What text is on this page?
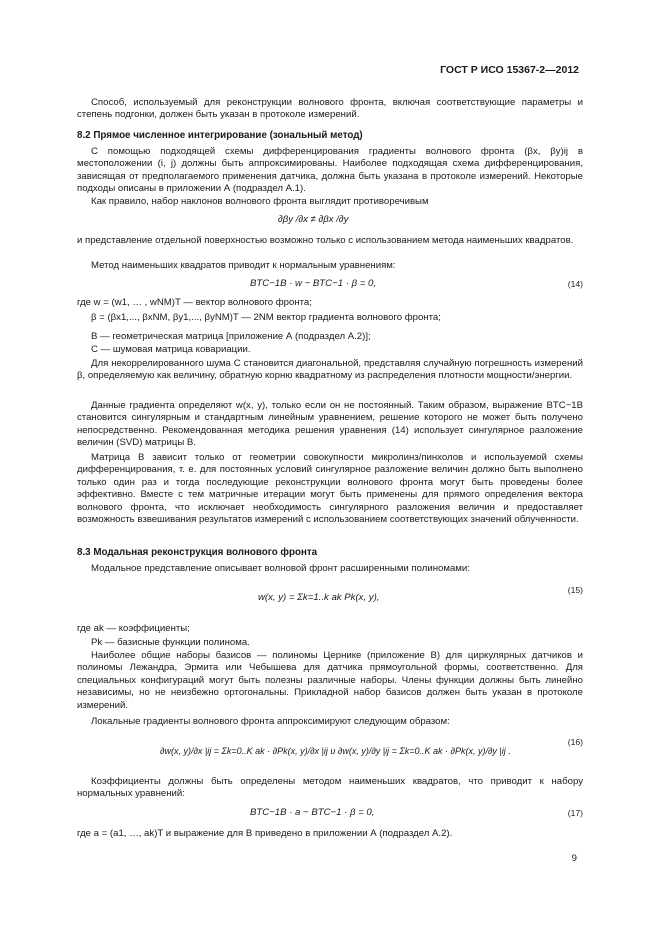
ГОСТ Р ИСО 15367-2—2012

Способ, используемый для реконструкции волнового фронта, включая соответствующие параметры и степень подгонки, должен быть указан в протоколе измерений.

8.2 Прямое численное интегрирование (зональный метод)

С помощью подходящей схемы дифференцирования градиенты волнового фронта (βx, βy)ij в местоположении (i, j) должны быть аппроксимированы. Наиболее подходящая схема дифференцирования, зависящая от предполагаемого применения датчика, должна быть указана в протоколе измерений. Некоторые подходы описаны в приложении А (подраздел А.1).

Как правило, набор наклонов волнового фронта выглядит противоречивым

∂βy /∂x ≠ ∂βx /∂y

и представление отдельной поверхностью возможно только с использованием метода наименьших квадратов.

Метод наименьших квадратов приводит к нормальным уравнениям:

BTC−1B · w − BTC−1 · β = 0,	(14)
где w = (w1, … , wNM)T — вектор волнового фронта;
β = (βx1,..., βxNM, βy1,..., βyNM)T — 2NM вектор градиента волнового фронта;
B — геометрическая матрица [приложение А (подраздел А.2)];
C — шумовая матрица ковариации.

Для некоррелированного шума C становится диагональной, представляя случайную погрешность измерений β, определяемую как величину, обратную корню квадратному из распределения плотности мощности/энергии.

Данные градиента определяют w(x, y), только если он не постоянный. Таким образом, выражение BTC−1B становится сингулярным и стандартным линейным уравнением, решение которого не может быть получено непосредственно. Рекомендованная методика решения уравнения (14) использует сингулярное разложение величин (SVD) матрицы B.

Матрица B зависит только от геометрии совокупности микролинз/пинхолов и используемой схемы дифференцирования, т. е. для постоянных условий сингулярное разложение величин должно быть выполнено только один раз и тогда последующие реконструкции волнового фронта могут быть проведены более эффективно. Вместе с тем матричные итерации могут быть применены для прямого определения вектора волнового фронта, что исключает необходимость сингулярного разложения величин и предоставляет возможность взвешивания результатов измерений с использованием соответствующих значений облученности.

8.3 Модальная реконструкция волнового фронта

Модальное представление описывает волновой фронт расширенными полиномами:

w(x, y) = Σk=1..k ak Pk(x, y),
(15)
где ak — коэффициенты;
Pk — базисные функции полинома.

Наиболее общие наборы базисов — полиномы Цернике (приложение В) для циркулярных датчиков и полиномы Лежандра, Эрмита или Чебышева для датчика прямоугольной формы, соответственно. Для специальных конфигураций могут быть полезны различные наборы. Члены функции должны быть линейно независимы, но не неизбежно ортогональны. Прикладной набор базисов должен быть указан в протоколе измерений.

Локальные градиенты волнового фронта аппроксимируют следующим образом:

∂w(x, y)/∂x |ij = Σk=0..K ak · ∂Pk(x, y)/∂x |ij и ∂w(x, y)/∂y |ij = Σk=0..K ak · ∂Pk(x, y)/∂y |ij .
(16)

Коэффициенты должны быть определены методом наименьших квадратов, что приводит к набору нормальных уравнений:

BTC−1B · a − BTC−1 · β = 0,	(17)

где a = (a1, …, ak)T и выражение для B приведено в приложении А (подраздел А.2).

9
